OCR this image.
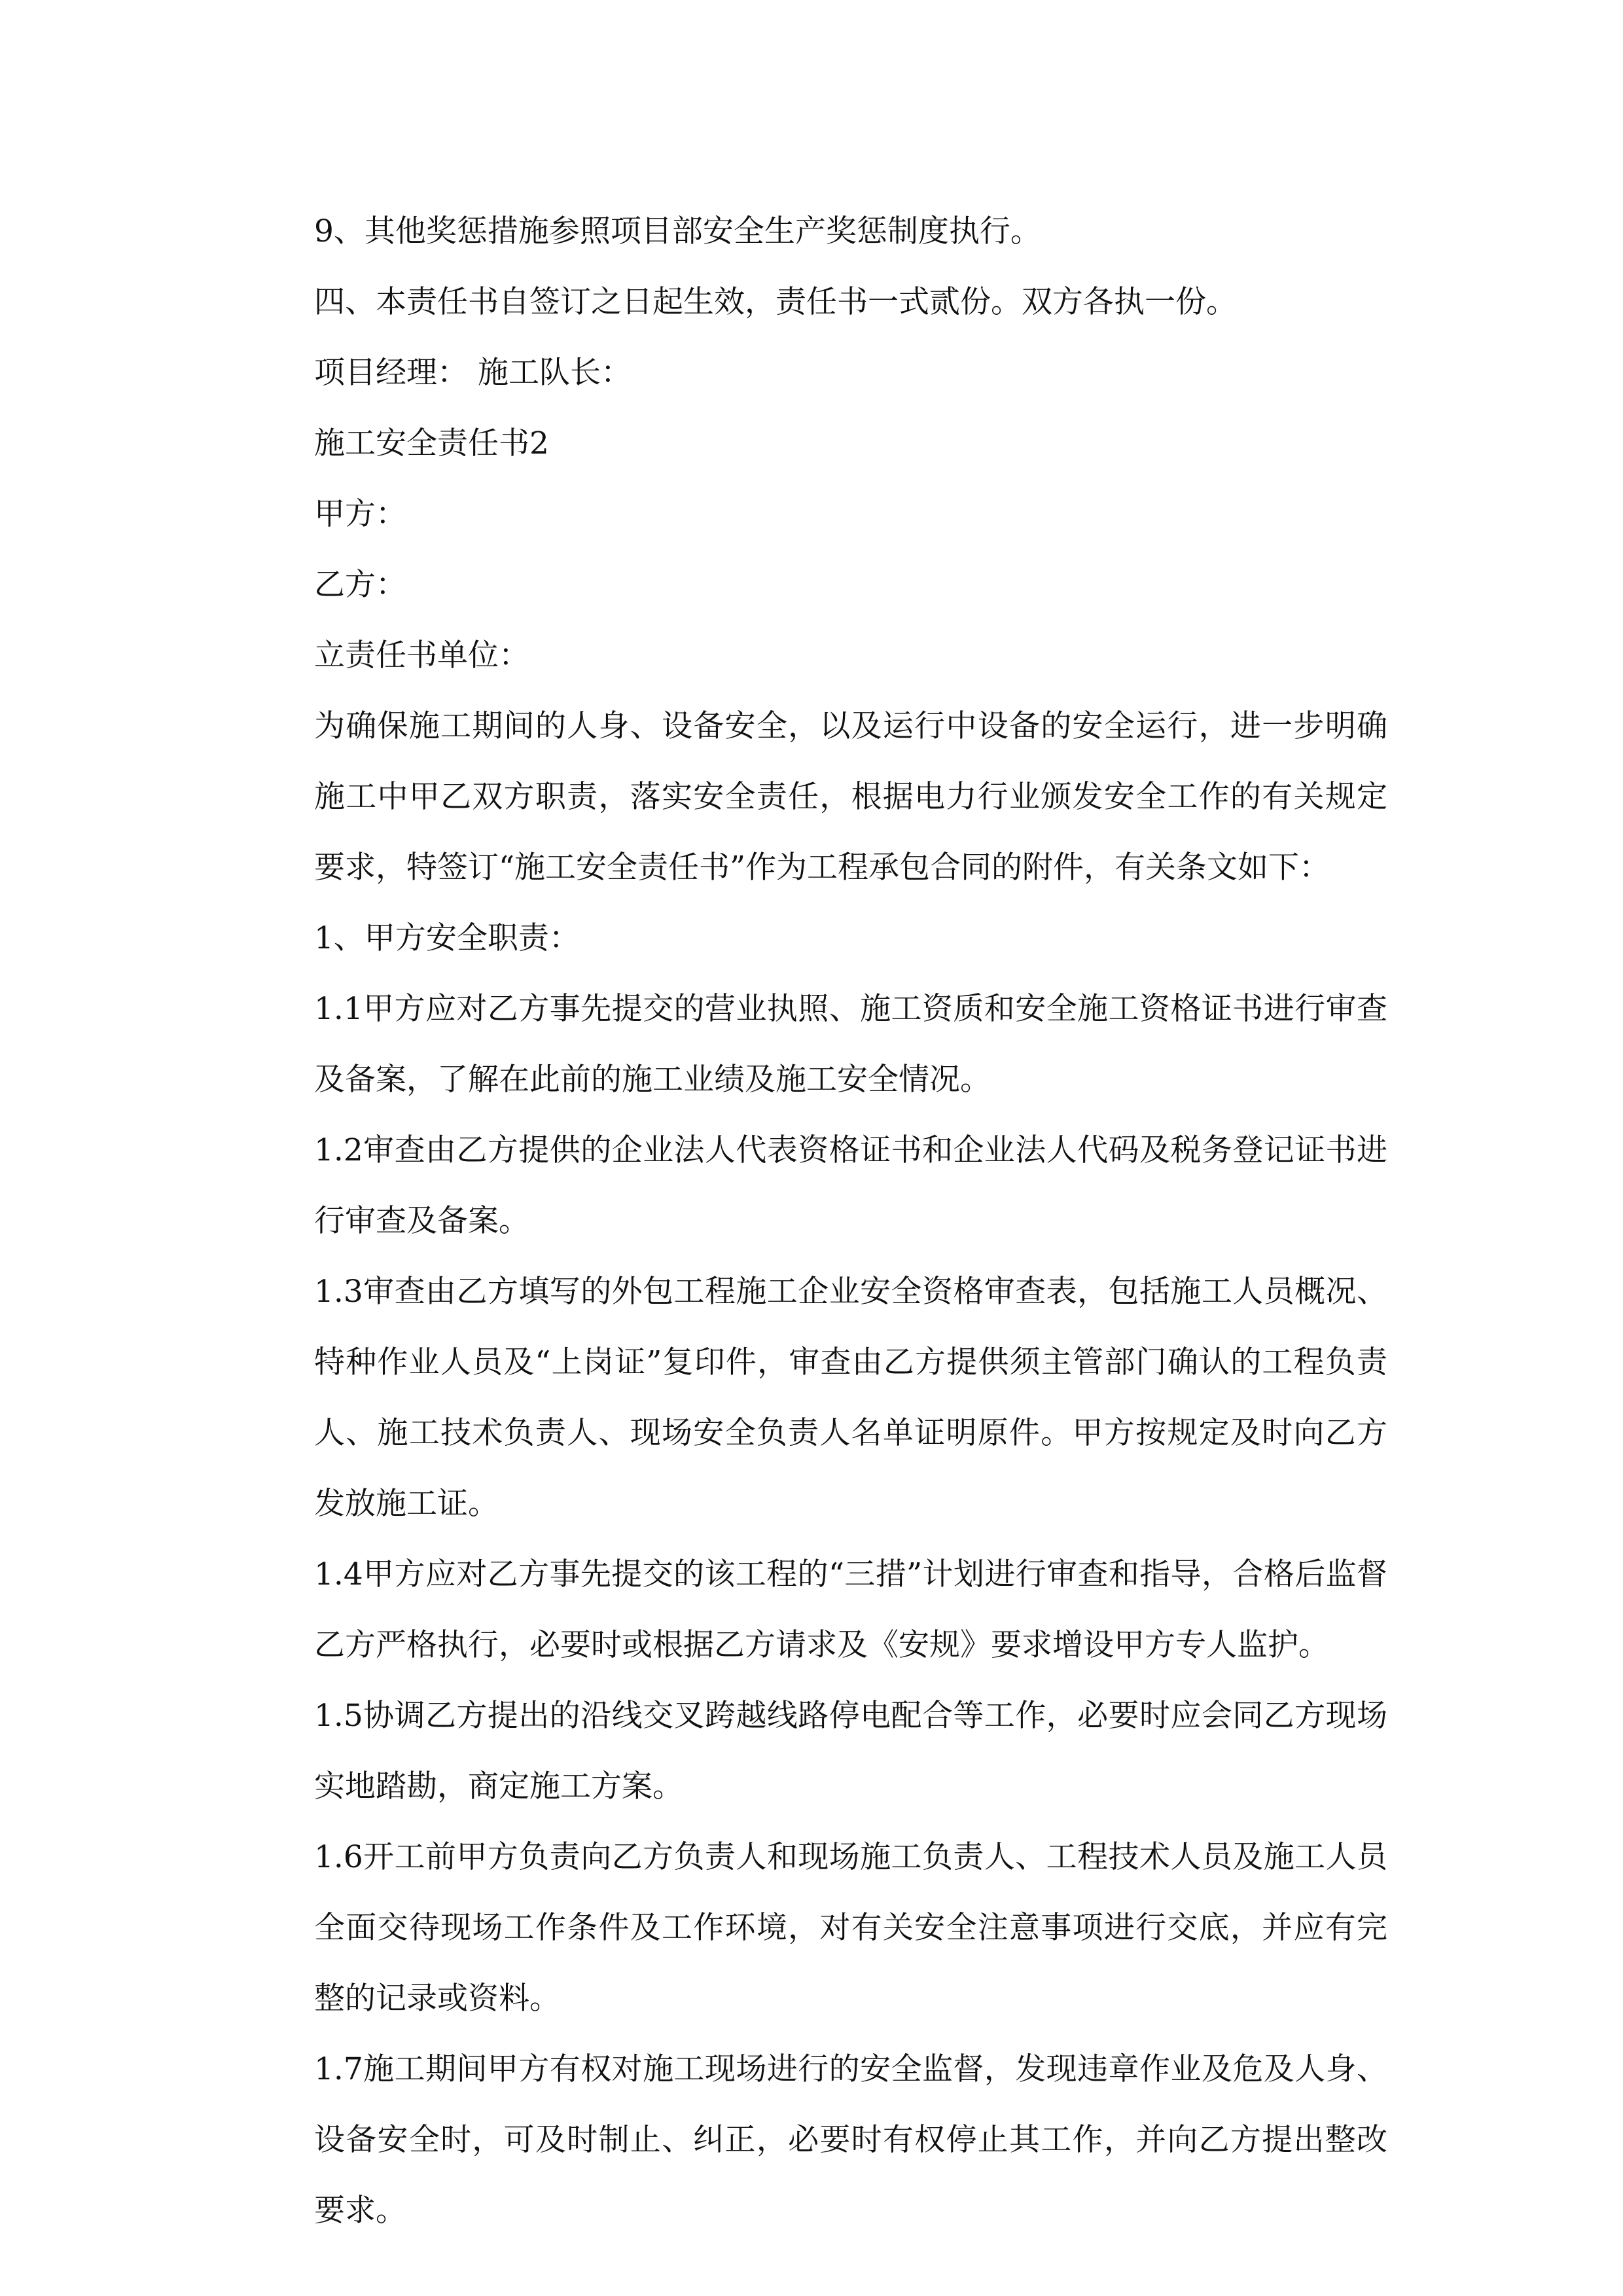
9、其他奖惩措施参照项目部安全生产奖惩制度执行。

四、本责任书自签订之日起生效，责任书一式贰份。双方各执一份。

项目经理： 施工队长：

施工安全责任书2

甲方：

乙方：

立责任书单位：

为确保施工期间的人身、设备安全，以及运行中设备的安全运行，进一步明确施工中甲乙双方职责，落实安全责任，根据电力行业颁发安全工作的有关规定要求，特签订“施工安全责任书”作为工程承包合同的附件，有关条文如下：

1、甲方安全职责：

1.1甲方应对乙方事先提交的营业执照、施工资质和安全施工资格证书进行审查及备案，了解在此前的施工业绩及施工安全情况。

1.2审查由乙方提供的企业法人代表资格证书和企业法人代码及税务登记证书进行审查及备案。

1.3审查由乙方填写的外包工程施工企业安全资格审查表，包括施工人员概况、特种作业人员及“上岗证”复印件，审查由乙方提供须主管部门确认的工程负责人、施工技术负责人、现场安全负责人名单证明原件。甲方按规定及时向乙方发放施工证。

1.4甲方应对乙方事先提交的该工程的“三措”计划进行审查和指导，合格后监督乙方严格执行，必要时或根据乙方请求及《安规》要求增设甲方专人监护。

1.5协调乙方提出的沿线交叉跨越线路停电配合等工作，必要时应会同乙方现场实地踏勘，商定施工方案。

1.6开工前甲方负责向乙方负责人和现场施工负责人、工程技术人员及施工人员全面交待现场工作条件及工作环境，对有关安全注意事项进行交底，并应有完整的记录或资料。

1.7施工期间甲方有权对施工现场进行的安全监督，发现违章作业及危及人身、设备安全时，可及时制止、纠正，必要时有权停止其工作，并向乙方提出整改要求。
